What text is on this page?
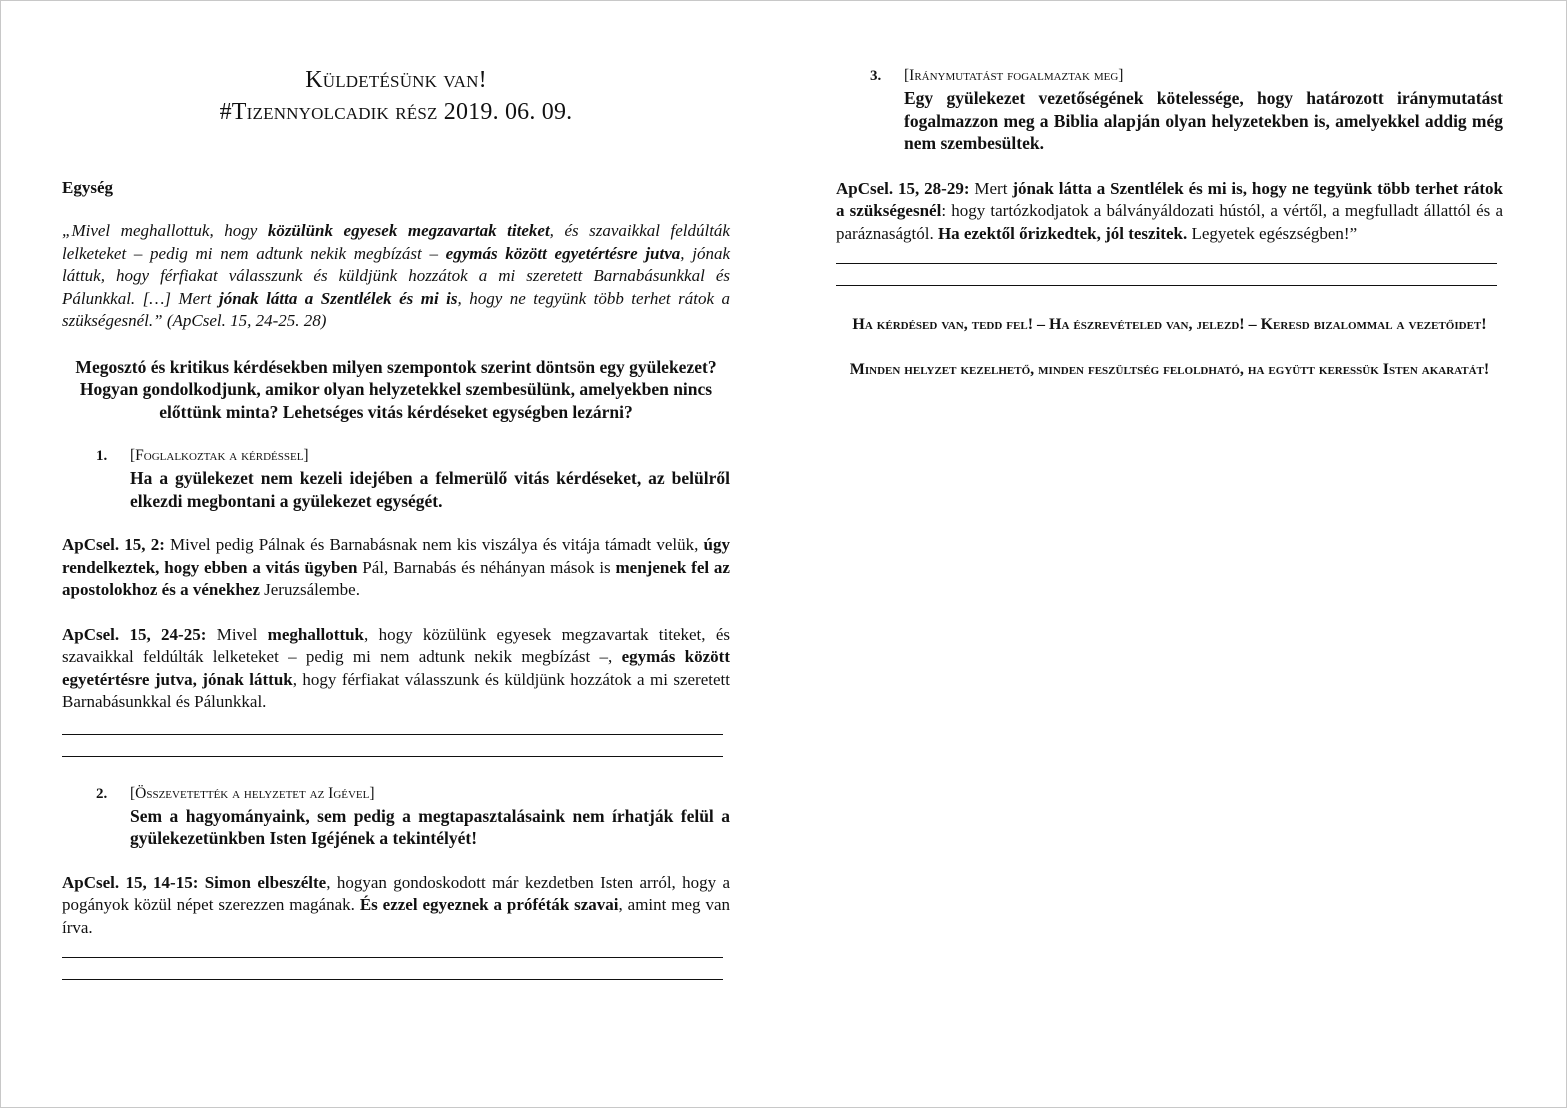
Küldetésünk van!
#Tizennyolcadik rész 2019. 06. 09.
Egység
„Mivel meghallottuk, hogy közülünk egyesek megzavartak titeket, és szavaikkal feldúlták lelketeket – pedig mi nem adtunk nekik megbízást – egymás között egyetértésre jutva, jónak láttuk, hogy férfiakat válasszunk és küldjünk hozzátok a mi szeretett Barnabásunkkal és Pálunkkal. […] Mert jónak látta a Szentlélek és mi is, hogy ne tegyünk több terhet rátok a szükségesnél.” (ApCsel. 15, 24-25. 28)
Megosztó és kritikus kérdésekben milyen szempontok szerint döntsön egy gyülekezet? Hogyan gondolkodjunk, amikor olyan helyzetekkel szembesülünk, amelyekben nincs előttünk minta? Lehetséges vitás kérdéseket egységben lezárni?
1. [Foglalkoztak a kérdéssel]
Ha a gyülekezet nem kezeli idejében a felmerülő vitás kérdéseket, az belülről elkezdi megbontani a gyülekezet egységét.
ApCsel. 15, 2: Mivel pedig Pálnak és Barnabásnak nem kis viszálya és vitája támadt velük, úgy rendelkeztek, hogy ebben a vitás ügyben Pál, Barnabás és néhányan mások is menjenek fel az apostolokhoz és a vénekhez Jeruzsálembe.
ApCsel. 15, 24-25: Mivel meghallottuk, hogy közülünk egyesek megzavartak titeket, és szavaikkal feldúlták lelketeket – pedig mi nem adtunk nekik megbízást –, egymás között egyetértésre jutva, jónak láttuk, hogy férfiakat válasszunk és küldjünk hozzátok a mi szeretett Barnabásunkkal és Pálunkkal.
2. [Összevetették a helyzetet az Igével]
Sem a hagyományaink, sem pedig a megtapasztalásaink nem írhatják felül a gyülekezetünkben Isten Igéjének a tekintélyét!
ApCsel. 15, 14-15: Simon elbeszélte, hogyan gondoskodott már kezdetben Isten arról, hogy a pogányok közül népet szerezzen magának. És ezzel egyeznek a próféták szavai, amint meg van írva.
3. [Iránymutatást fogalmaztak meg]
Egy gyülekezet vezetőségének kötelessége, hogy határozott iránymutatást fogalmazzon meg a Biblia alapján olyan helyzetekben is, amelyekkel addig még nem szembesültek.
ApCsel. 15, 28-29: Mert jónak látta a Szentlélek és mi is, hogy ne tegyünk több terhet rátok a szükségesnél: hogy tartózkodjatok a bálványáldozati hústól, a vértől, a megfulladt állattól és a paráznaságtól. Ha ezektől őrizkedtek, jól teszitek. Legyetek egészségben!”
Ha kérdésed van, tedd fel! – Ha észrevételed van, jelezd! – Keresd bizalommal a vezetőidet!
Minden helyzet kezelhető, minden feszültség feloldható, ha együtt keressük Isten akaratát!
